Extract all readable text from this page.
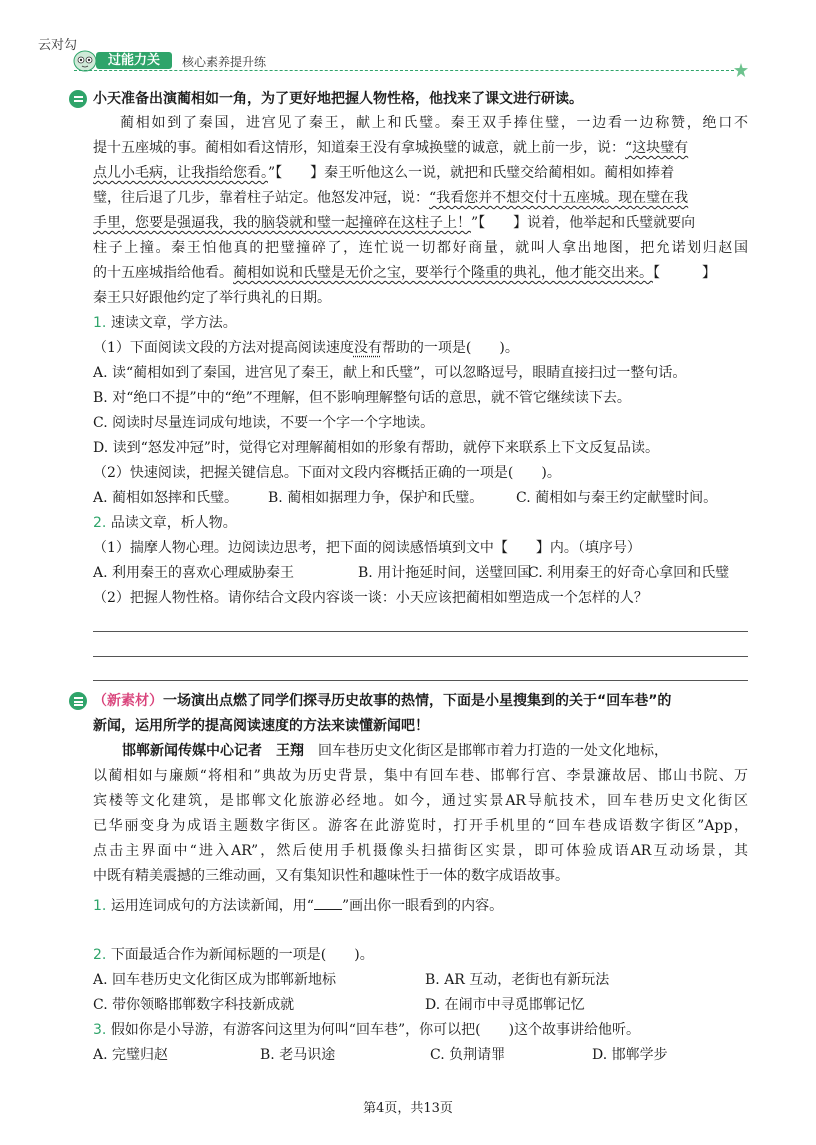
云对勾
过能力关	核心素养提升练
小天准备出演蔺相如一角，为了更好地把握人物性格，他找来了课文进行研读。
蔺相如到了秦国，进宫见了秦王，献上和氏璧。秦王双手捧住璧，一边看一边称赞，绝口不
提十五座城的事。蔺相如看这情形，知道秦王没有拿城换璧的诚意，就上前一步，说：“这块璧有
点儿小毛病，让我指给您看。”【　　 】秦王听他这么一说，就把和氏璧交给蔺相如。蔺相如捧着
璧，往后退了几步，靠着柱子站定。他怒发冲冠，说：“我看您并不想交付十五座城。现在璧在我
手里，您要是强逼我，我的脑袋就和璧一起撞碎在这柱子上！”【　　 】说着，他举起和氏璧就要向
柱子上撞。秦王怕他真的把璧撞碎了，连忙说一切都好商量，就叫人拿出地图，把允诺划归赵国
的十五座城指给他看。蔺相如说和氏璧是无价之宝，要举行个隆重的典礼，他才能交出来。【　　　	】
秦王只好跟他约定了举行典礼的日期。
1. 速读文章，学方法。
（1）下面阅读文段的方法对提高阅读速度没有帮助的一项是(　　)。
A. 读“蔺相如到了秦国，进宫见了秦王，献上和氏璧”，可以忽略逗号，眼睛直接扫过一整句话。
B. 对“绝口不提”中的“绝”不理解，但不影响理解整句话的意思，就不管它继续读下去。
C. 阅读时尽量连词成句地读，不要一个字一个字地读。
D. 读到“怒发冲冠”时，觉得它对理解蔺相如的形象有帮助，就停下来联系上下文反复品读。
（2）快速阅读，把握关键信息。下面对文段内容概括正确的一项是(　　)。
A. 蔺相如怒摔和氏璧。 B. 蔺相如据理力争，保护和氏璧。 C. 蔺相如与秦王约定献璧时间。
2. 品读文章，析人物。
（1）揣摩人物心理。边阅读边思考，把下面的阅读感悟填到文中【　　】内。（填序号）
A. 利用秦王的喜欢心理威胁秦王	B. 用计拖延时间，送璧回国
C. 利用秦王的好奇心拿回和氏璧
（2）把握人物性格。请你结合文段内容谈一谈：小天应该把蔺相如塑造成一个怎样的人？
（新素材）一场演出点燃了同学们探寻历史故事的热情，下面是小星搜集到的关于“回车巷”的
新闻，运用所学的提高阅读速度的方法来读懂新闻吧！
邯郸新闻传媒中心记者　王翔　 回车巷历史文化街区是邯郸市着力打造的一处文化地标，
以蔺相如与廉颇“将相和”典故为历史背景，集中有回车巷、邯郸行宫、李景濂故居、邯山书院、万
宾楼等文化建筑，是邯郸文化旅游必经地。如今，通过实景AR导航技术，回车巷历史文化街区
已华丽变身为成语主题数字街区。游客在此游览时，打开手机里的“回车巷成语数字街区”App，
点击主界面中“进入AR”，然后使用手机摄像头扫描街区实景，即可体验成语AR互动场景，其
中既有精美震撼的三维动画，又有集知识性和趣味性于一体的数字成语故事。
1. 运用连词成句的方法读新闻，用“ ”画出你一眼看到的内容。
2. 下面最适合作为新闻标题的一项是(　　)。
A. 回车巷历史文化街区成为邯郸新地标	B. AR 互动，老街也有新玩法
C. 带你领略邯郸数字科技新成就	D. 在闹市中寻觅邯郸记忆
3. 假如你是小导游，有游客问这里为何叫“回车巷”，你可以把(　　)这个故事讲给他听。
A. 完璧归赵	B. 老马识途	C. 负荆请罪	D. 邯郸学步
第4页，共13页
